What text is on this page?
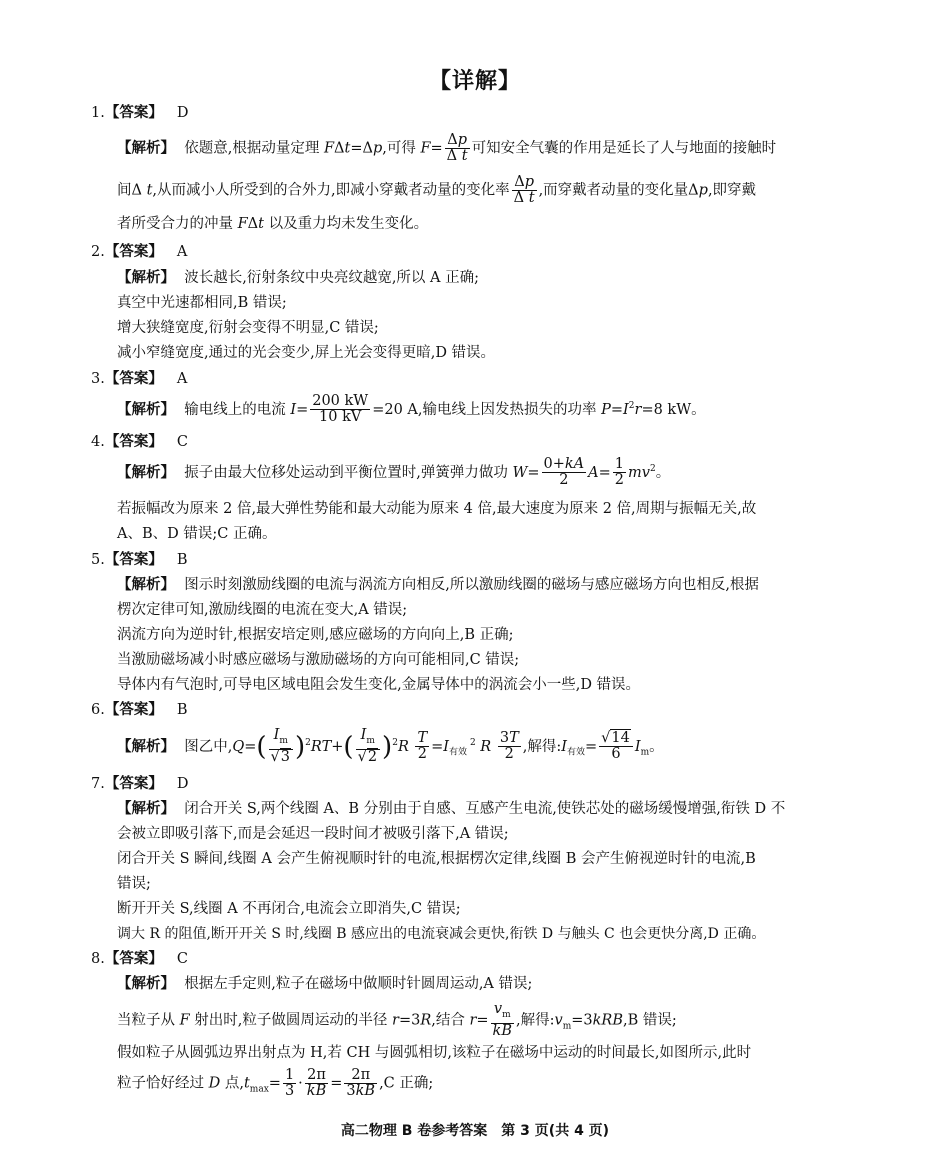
【详解】
1.【答案】 D
【解析】 依题意,根据动量定理 FΔt=Δp,可得 $F= \frac{\Delta p}{\text{Δ t}}$ 可知安全气囊的作用是延长了人与地面的接触时
间Δ t,从而减小人所受到的合外力,即减小穿戴者动量的变化率 $\frac{\Delta p}{\text{Δ t}}$ ,而穿戴者动量的变化量Δp,即穿戴
者所受合力的冲量 FΔt 以及重力均未发生变化。
2.【答案】 A
【解析】 波长越长,衍射条纹中央亮纹越宽,所以 A 正确;
真空中光速都相同,B 错误;
增大狭缝宽度,衍射会变得不明显,C 错误;
减小窄缝宽度,通过的光会变少,屏上光会变得更暗,D 错误。
3.【答案】 A
【解析】 输电线上的电流 $I= \frac{200 kW}{10 kV} =20$ A,输电线上因发热损失的功率 $P=I^2r=8$ kW。
4.【答案】 C
【解析】 振子由最大位移处运动到平衡位置时,弹簧弹力做功 $W= \frac{0+kA}{2} A= \frac{1}{2} mv^2$。
若振幅改为原来 2 倍,最大弹性势能和最大动能为原来 4 倍,最大速度为原来 2 倍,周期与振幅无关,故
A、B、D 错误;C 正确。
5.【答案】 B
【解析】 图示时刻激励线圈的电流与涡流方向相反,所以激励线圈的磁场与感应磁场方向也相反,根据
楞次定律可知,激励线圈的电流在变大,A 错误;
涡流方向为逆时针,根据安培定则,感应磁场的方向向上,B 正确;
当激励磁场减小时感应磁场与激励磁场的方向可能相同,C 错误;
导体内有气泡时,可导电区域电阻会发生变化,金属导体中的涡流会小一些,D 错误。
6.【答案】 B
【解析】 图乙中$,Q=( \frac{I_m}{√3} )^2RT+( \frac{I_m}{√2} )^2R \frac{T}{2} =I_{有效}$ $^2$ R $\frac{3T}{2}$ ,解得$:I_{有效}= \frac{√14}{6} I_m$。
7.【答案】 D
【解析】 闭合开关 S,两个线圈 A、B 分别由于自感、互感产生电流,使铁芯处的磁场缓慢增强,衔铁 D 不
会被立即吸引落下,而是会延迟一段时间才被吸引落下,A 错误;
闭合开关 S 瞬间,线圈 A 会产生俯视顺时针的电流,根据楞次定律,线圈 B 会产生俯视逆时针的电流,B
错误;
断开开关 S,线圈 A 不再闭合,电流会立即消失,C 错误;
调大 R 的阻值,断开开关 S 时,线圈 B 感应出的电流衰减会更快,衔铁 D 与触头 C 也会更快分离,D 正确。
8.【答案】 C
【解析】 根据左手定则,粒子在磁场中做顺时针圆周运动,A 错误;
当粒子从 F 射出时,粒子做圆周运动的半径 r=3R,结合 $r= \frac{v_m}{kB}$ ,解得$:v_m=3kRB,B$ 错误;
假如粒子从圆弧边界出射点为 H,若 CH 与圆弧相切,该粒子在磁场中运动的时间最长,如图所示,此时
粒子恰好经过 D 点$,t_{max}= \frac{1}{3} \cdot \frac{2\pi}{kB} = \frac{2\pi}{3kB} ,C$ 正确;
高二物理 B 卷参考答案　第 3 页(共 4 页)
